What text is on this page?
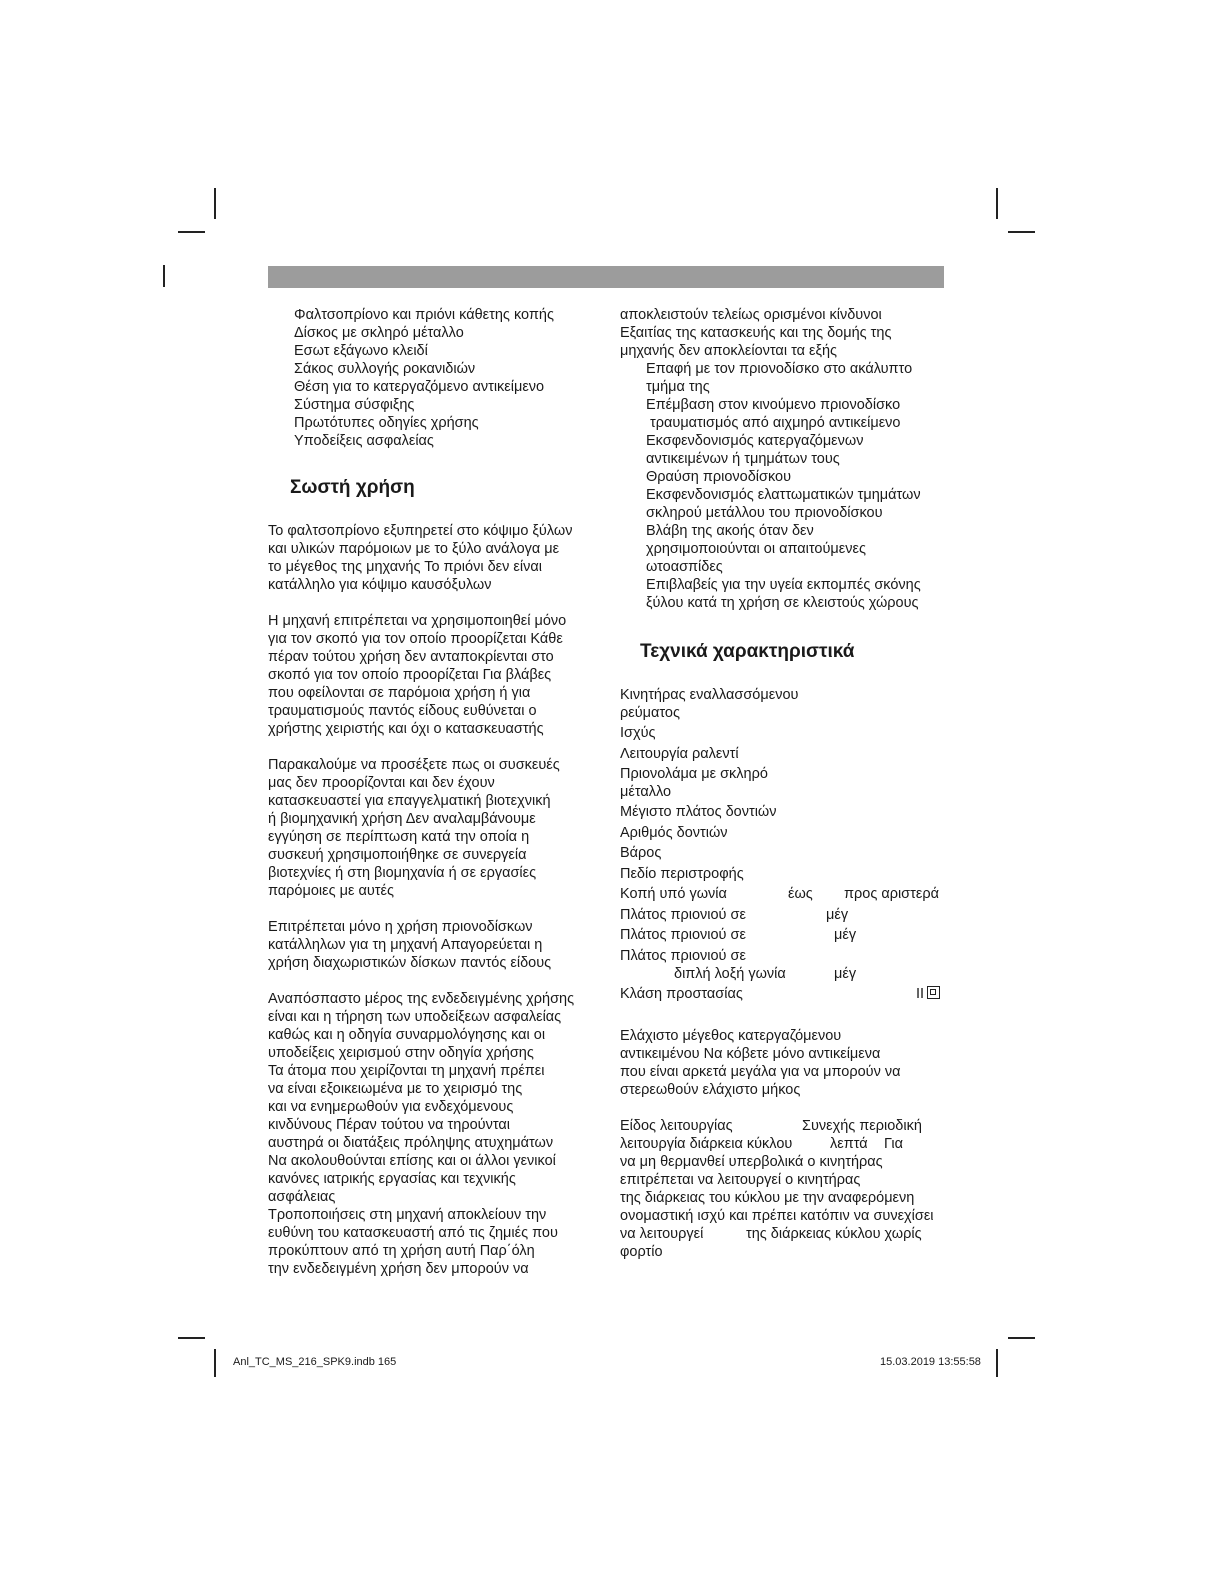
Φαλτσοπρίονο και πριόνι κάθετης κοπής
Δίσκος με σκληρό μέταλλο
Εσωτ εξάγωνο κλειδί
Σάκος συλλογής ροκανιδιών
Θέση για το κατεργαζόμενο αντικείμενο
Σύστημα σύσφιξης
Πρωτότυπες οδηγίες χρήσης
Υποδείξεις ασφαλείας
Σωστή χρήση
Το φαλτσοπρίονο εξυπηρετεί στο κόψιμο ξύλων
και υλικών παρόμοιων με το ξύλο ανάλογα με
το μέγεθος της μηχανής Το πριόνι δεν είναι
κατάλληλο για κόψιμο καυσόξυλων
Η μηχανή επιτρέπεται να χρησιμοποιηθεί μόνο
για τον σκοπό για τον οποίο προορίζεται Κάθε
πέραν τούτου χρήση δεν ανταποκρίενται στο
σκοπό για τον οποίο προορίζεται Για βλάβες
που οφείλονται σε παρόμοια χρήση ή για
τραυματισμούς παντός είδους ευθύνεται ο
χρήστης χειριστής και όχι ο κατασκευαστής
Παρακαλούμε να προσέξετε πως οι συσκευές
μας δεν προορίζονται και δεν έχουν
κατασκευαστεί για επαγγελματική βιοτεχνική
ή βιομηχανική χρήση Δεν αναλαμβάνουμε
εγγύηση σε περίπτωση κατά την οποία η
συσκευή χρησιμοποιήθηκε σε συνεργεία
βιοτεχνίες ή στη βιομηχανία ή σε εργασίες
παρόμοιες με αυτές
Επιτρέπεται μόνο η χρήση πριονοδίσκων
κατάλληλων για τη μηχανή Απαγορεύεται η
χρήση διαχωριστικών δίσκων παντός είδους
Αναπόσπαστο μέρος της ενδεδειγμένης χρήσης
είναι και η τήρηση των υποδείξεων ασφαλείας
καθώς και η οδηγία συναρμολόγησης και οι
υποδείξεις χειρισμού στην οδηγία χρήσης
Τα άτομα που χειρίζονται τη μηχανή πρέπει
να είναι εξοικειωμένα με το χειρισμό της
και να ενημερωθούν για ενδεχόμενους
κινδύνους Πέραν τούτου να τηρούνται
αυστηρά οι διατάξεις πρόληψης ατυχημάτων
Να ακολουθούνται επίσης και οι άλλοι γενικοί
κανόνες ιατρικής εργασίας και τεχνικής
ασφάλειας
Τροποποιήσεις στη μηχανή αποκλείουν την
ευθύνη του κατασκευαστή από τις ζημιές που
προκύπτουν από τη χρήση αυτή Παρ΄όλη
την ενδεδειγμένη χρήση δεν μπορούν να
αποκλειστούν τελείως ορισμένοι κίνδυνοι
Εξαιτίας της κατασκευής και της δομής της
μηχανής δεν αποκλείονται τα εξής
Επαφή με τον πριονοδίσκο στο ακάλυπτο
τμήμα της
Επέμβαση στον κινούμενο πριονοδίσκο
τραυματισμός από αιχμηρό αντικείμενο
Εκσφενδονισμός κατεργαζόμενων
αντικειμένων ή τμημάτων τους
Θραύση πριονοδίσκου
Εκσφενδονισμός ελαττωματικών τμημάτων
σκληρού μετάλλου του πριονοδίσκου
Βλάβη της ακοής όταν δεν
χρησιμοποιούνται οι απαιτούμενες
ωτοασπίδες
Επιβλαβείς για την υγεία εκπομπές σκόνης
ξύλου κατά τη χρήση σε κλειστούς χώρους
Τεχνικά χαρακτηριστικά
Κινητήρας εναλλασσόμενου
ρεύματος
Ισχύς
Λειτουργία ραλεντί
Πριονολάμα με σκληρό
μέταλλο
Μέγιστο πλάτος δοντιών
Αριθμός δοντιών
Βάρος
Πεδίο περιστροφής
Κοπή υπό γωνία	έως προς αριστερά
Πλάτος πριονιού σε	μέγ
Πλάτος πριονιού σε	μέγ
Πλάτος πριονιού σε
διπλή λοξή γωνία	μέγ
Κλάση προστασίας	II
Ελάχιστο μέγεθος κατεργαζόμενου
αντικειμένου Να κόβετε μόνο αντικείμενα
που είναι αρκετά μεγάλα για να μπορούν να
στερεωθούν ελάχιστο μήκος
Είδος λειτουργίας	Συνεχής περιοδική
λειτουργία διάρκεια κύκλου	λεπτά Για
να μη θερμανθεί υπερβολικά ο κινητήρας
επιτρέπεται να λειτουργεί ο κινητήρας
της διάρκειας του κύκλου με την αναφερόμενη
ονομαστική ισχύ και πρέπει κατόπιν να συνεχίσει
να λειτουργεί	της διάρκειας κύκλου χωρίς
φορτίο
Anl_TC_MS_216_SPK9.indb 165	15.03.2019 13:55:58
